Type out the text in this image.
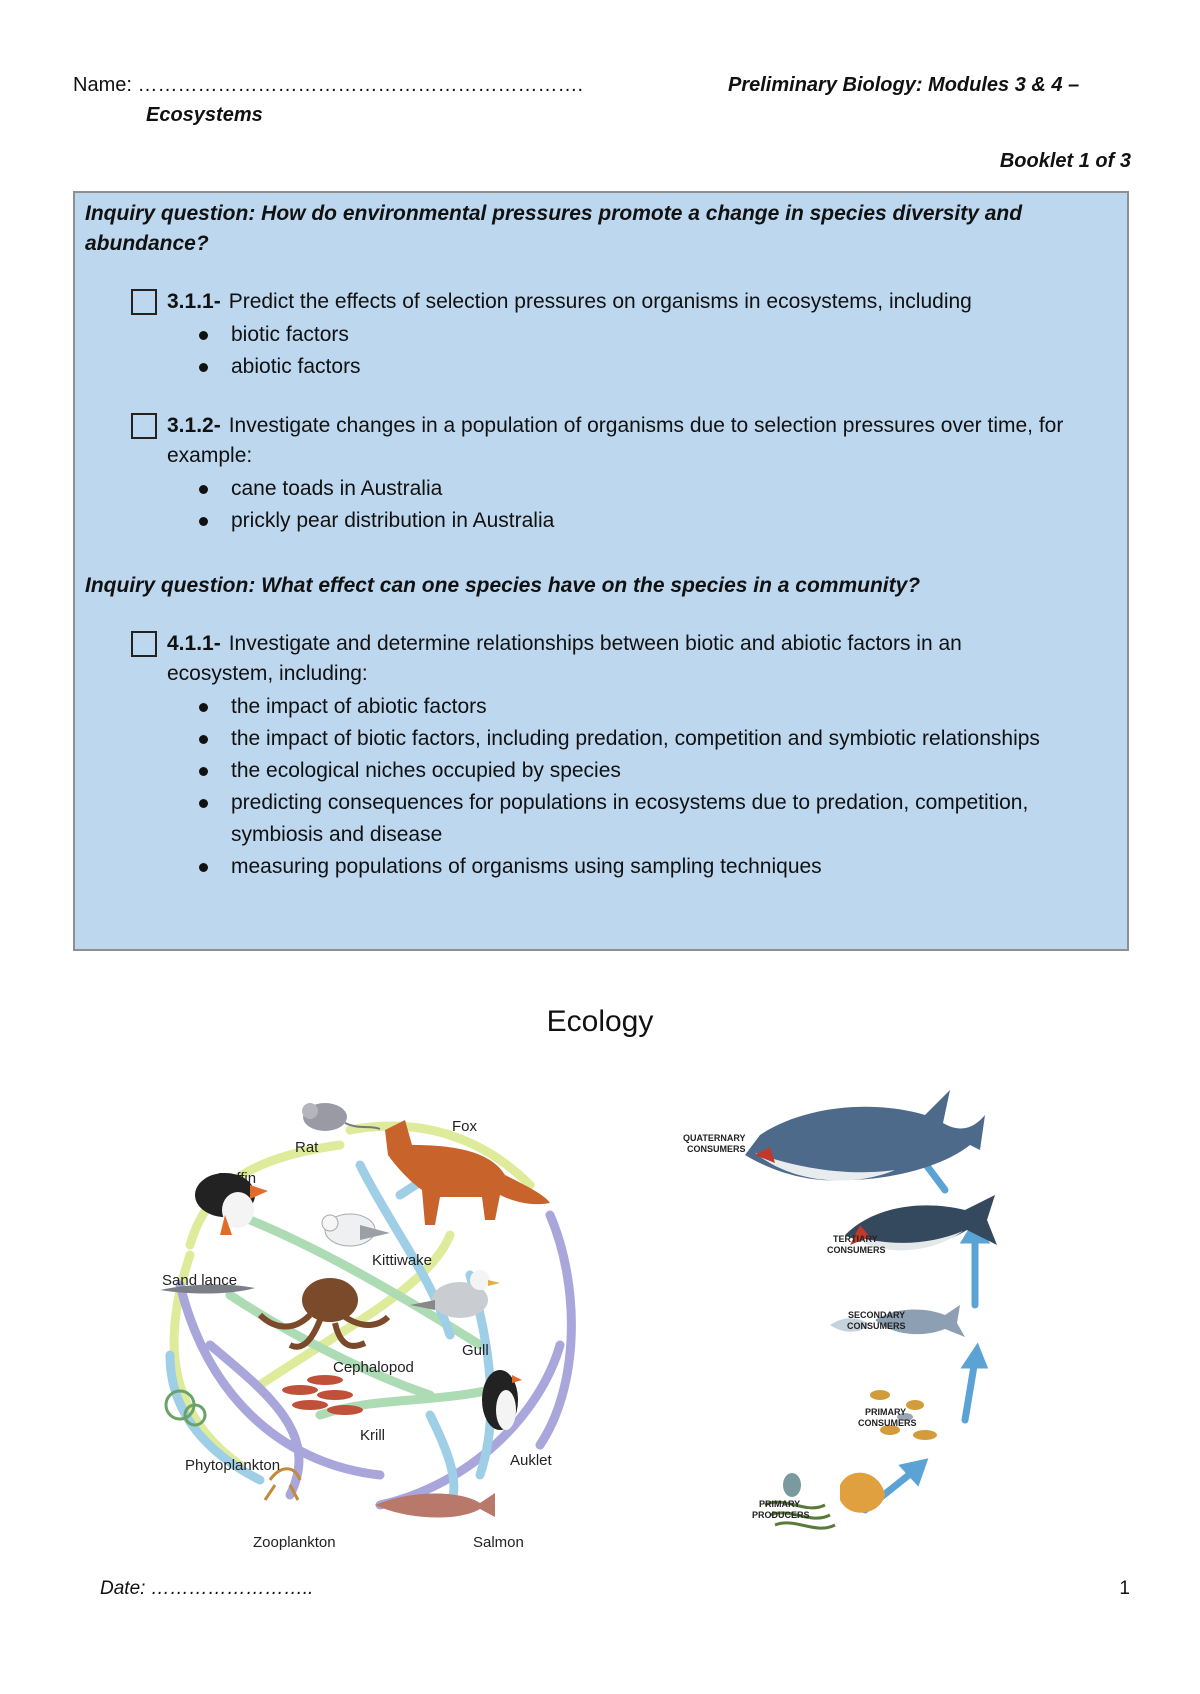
Name: ………………………………………………………….	Preliminary Biology: Modules 3 & 4 –
Ecosystems
Booklet 1 of 3
Inquiry question: How do environmental pressures promote a change in species diversity and abundance?
3.1.1- Predict the effects of selection pressures on organisms in ecosystems, including
biotic factors
abiotic factors
3.1.2- Investigate changes in a population of organisms due to selection pressures over time, for
example:
cane toads in Australia
prickly pear distribution in Australia
Inquiry question: What effect can one species have on the species in a community?
4.1.1- Investigate and determine relationships between biotic and abiotic factors in an
ecosystem, including:
the impact of abiotic factors
the impact of biotic factors, including predation, competition and symbiotic relationships
the ecological niches occupied by species
predicting consequences for populations in ecosystems due to predation, competition, symbiosis and disease
measuring populations of organisms using sampling techniques
Ecology
Rat
Fox
Puffin
Kittiwake
Sand lance
Cephalopod
Gull
Krill
Phytoplankton	Auklet
Zooplankton	Salmon
QUATERNARY
CONSUMERS
TERTIARY
CONSUMERS
SECONDARY
CONSUMERS
PRIMARY
CONSUMERS
PRIMARY
PRODUCERS
Date: ……………………..	1
